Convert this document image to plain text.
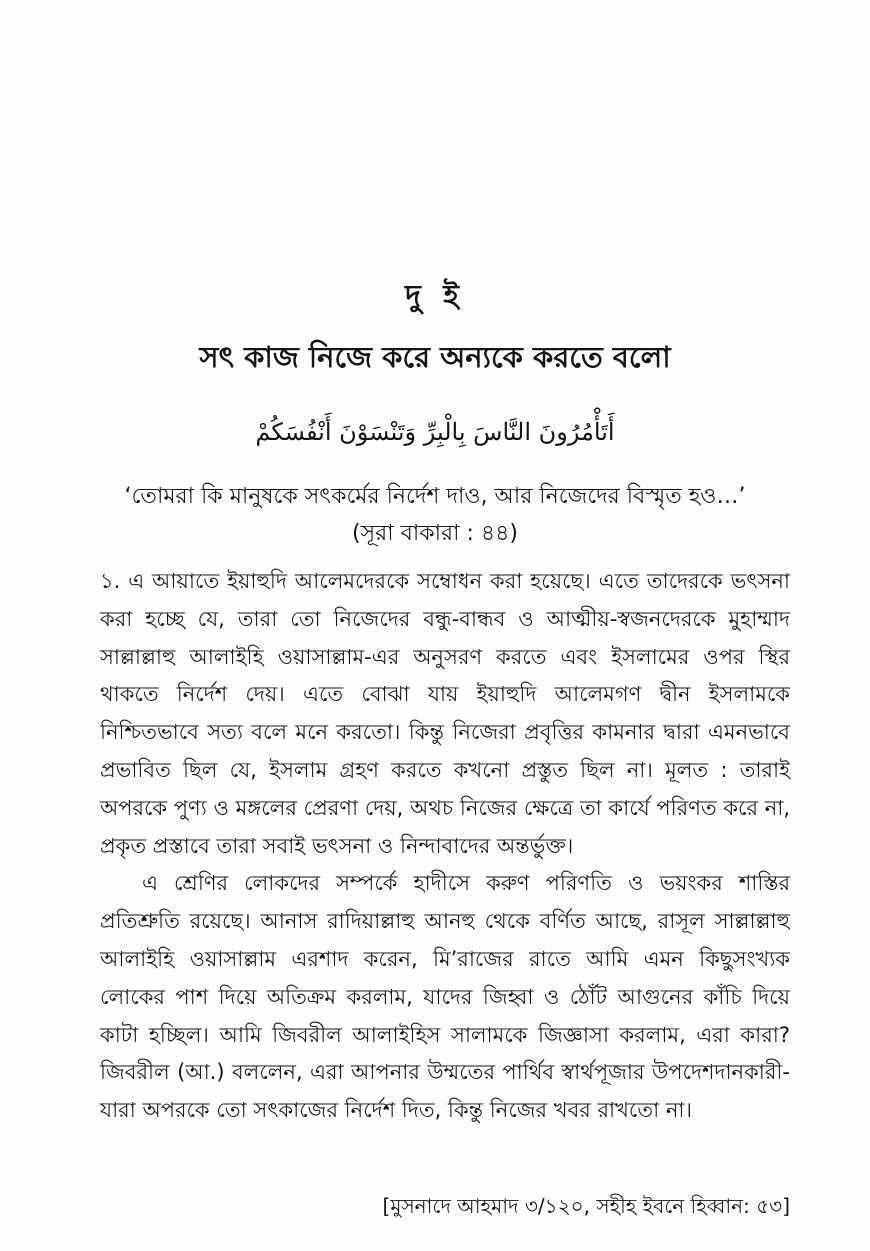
দু ই
সৎ কাজ নিজে করে অন্যকে করতে বলো
أَتَأْمُرُونَ النَّاسَ بِالْبِرِّ وَتَنْسَوْنَ أَنْفُسَكُمْ
‘তোমরা কি মানুষকে সৎকর্মের নির্দেশ দাও, আর নিজেদের বিস্মৃত হও…’
(সূরা বাকারা : ৪৪)

১. এ আয়াতে ইয়াহুদি আলেমদেরকে সম্বোধন করা হয়েছে। এতে তাদেরকে ভৎসনা করা হচ্ছে যে, তারা তো নিজেদের বন্ধু-বান্ধব ও আত্মীয়-স্বজনদেরকে মুহাম্মাদ সাল্লাল্লাহু আলাইহি ওয়াসাল্লাম-এর অনুসরণ করতে এবং ইসলামের ওপর স্থির থাকতে নির্দেশ দেয়। এতে বোঝা যায় ইয়াহুদি আলেমগণ দ্বীন ইসলামকে নিশ্চিতভাবে সত্য বলে মনে করতো। কিন্তু নিজেরা প্রবৃত্তির কামনার দ্বারা এমনভাবে প্রভাবিত ছিল যে, ইসলাম গ্রহণ করতে কখনো প্রস্তুত ছিল না। মূলত : তারাই অপরকে পুণ্য ও মঙ্গলের প্রেরণা দেয়, অথচ নিজের ক্ষেত্রে তা কার্যে পরিণত করে না, প্রকৃত প্রস্তাবে তারা সবাই ভৎসনা ও নিন্দাবাদের অন্তর্ভুক্ত।

এ শ্রেণির লোকদের সম্পর্কে হাদীসে করুণ পরিণতি ও ভয়ংকর শাস্তির প্রতিশ্রুতি রয়েছে। আনাস রাদিয়াল্লাহু আনহু থেকে বর্ণিত আছে, রাসূল সাল্লাল্লাহু আলাইহি ওয়াসাল্লাম এরশাদ করেন, মি’রাজের রাতে আমি এমন কিছুসংখ্যক লোকের পাশ দিয়ে অতিক্রম করলাম, যাদের জিহ্বা ও ঠোঁট আগুনের কাঁচি দিয়ে কাটা হচ্ছিল। আমি জিবরীল আলাইহিস সালামকে জিজ্ঞাসা করলাম, এরা কারা? জিবরীল (আ.) বললেন, এরা আপনার উম্মতের পার্থিব স্বার্থপূজার উপদেশদানকারী- যারা অপরকে তো সৎকাজের নির্দেশ দিত, কিন্তু নিজের খবর রাখতো না।

[মুসনাদে আহমাদ ৩/১২০, সহীহ ইবনে হিব্বান: ৫৩]
